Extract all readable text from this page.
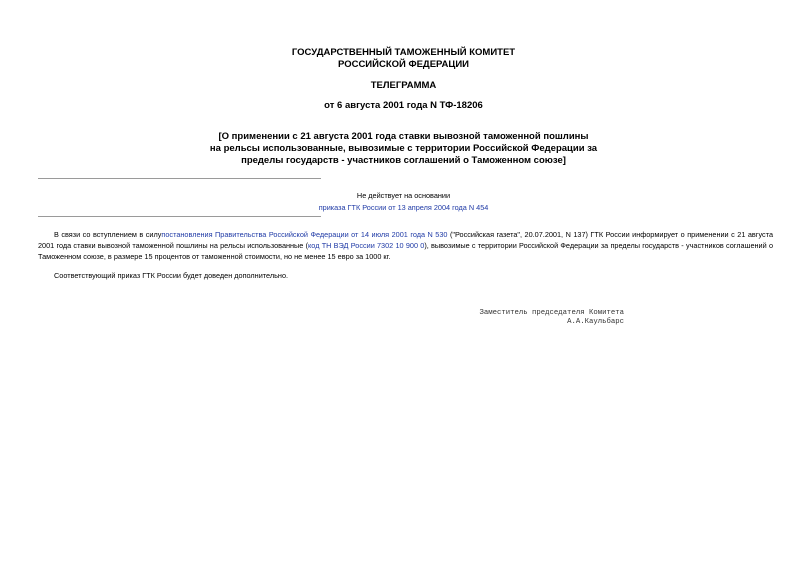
ГОСУДАРСТВЕННЫЙ ТАМОЖЕННЫЙ КОМИТЕТ
РОССИЙСКОЙ ФЕДЕРАЦИИ
ТЕЛЕГРАММА
от 6 августа 2001 года N ТФ-18206
[О применении с 21 августа 2001 года ставки вывозной таможенной пошлины
на рельсы использованные, вывозимые с территории Российской Федерации за
пределы государств - участников соглашений о Таможенном союзе]
Не действует на основании
приказа ГТК России от 13 апреля 2004 года N 454
В связи со вступлением в силупостановления Правительства Российской Федерации от 14 июля 2001 года N 530 ("Российская газета", 20.07.2001, N 137) ГТК России информирует о применении с 21 августа 2001 года ставки вывозной таможенной пошлины на рельсы использованные (код ТН ВЭД России 7302 10 900 0), вывозимые с территории Российской Федерации за пределы государств - участников соглашений о Таможенном союзе, в размере 15 процентов от таможенной стоимости, но не менее 15 евро за 1000 кг.
Соответствующий приказ ГТК России будет доведен дополнительно.
Заместитель председателя Комитета
А.А.Каульбарс
